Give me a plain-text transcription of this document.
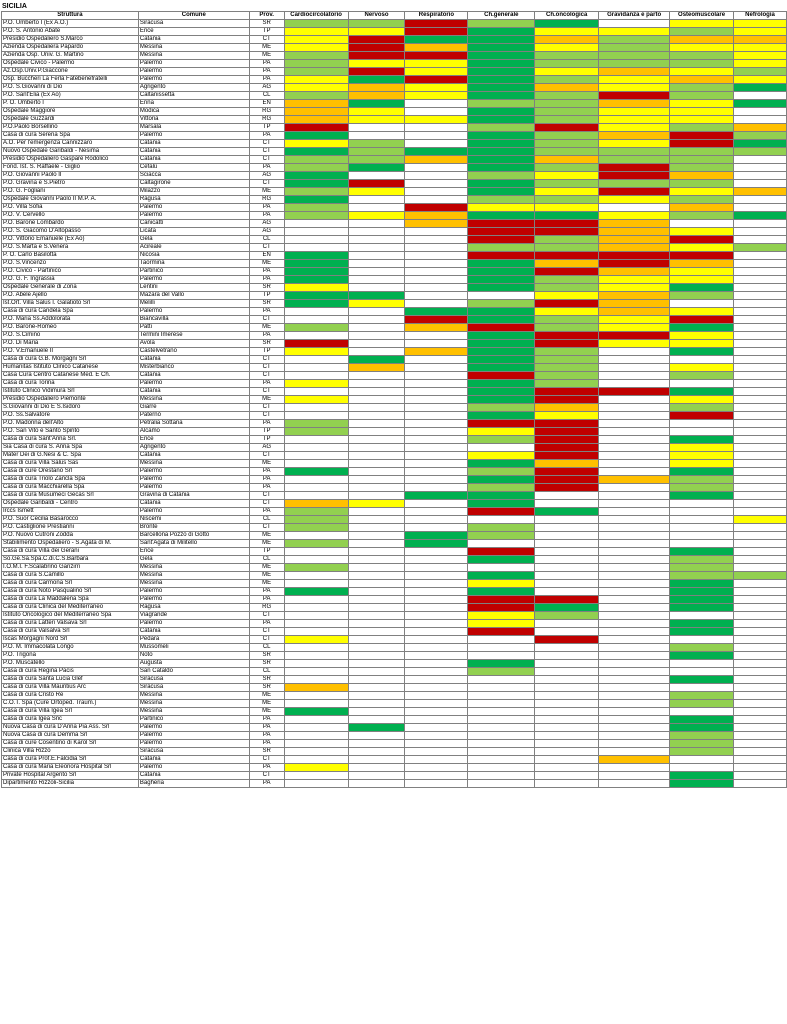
SICILIA
Struttura	Comune	Prov.	Cardiocircolatorio	Nervoso	Respiratorio	Ch.generale	Ch.oncologica	Gravidanza e parto	Osteomuscolare	Nefrologia
P.O. Umberto I (Ex A.O.)	Siracusa	SR								
P.O. S. Antonio Abate	Erice	TP								
Presidio Ospedaliero S.Marco	Catania	CT								
Azienda Ospedaliera Papardo	Messina	ME								
Azienda Osp. Univ. G. Martino	Messina	ME								
Ospedale Civico - Palermo	Palermo	PA								
Az.Osp.Univ.P.Giaccone	Palermo	PA								
Osp. Buccheri La Ferla Fatebenefratelli	Palermo	PA								
P.O. S.Giovanni di Dio	Agrigento	AG								
P.O. Sant'Elia (Ex Ao)	Caltanissetta	CL								
P. O. Umberto I	Enna	EN								
Ospedale Maggiore	Modica	RG								
Ospedale Guzzardi	Vittoria	RG								
P.O.Paolo Borsellino	Marsala	TP								
Casa di cura Serena Spa	Palermo	PA								
A.O. Per l'emergenza Cannizzaro	Catania	CT								
Nuovo Ospedale Garibaldi - Nesima	Catania	CT								
Presidio Ospedaliero Gaspare Rodolico	Catania	CT								
Fond. Ist. S. Raffaele - Giglio	Cefalù	PA								
P.O. Giovanni Paolo II	Sciacca	AG								
P.O. Gravina e S.Pietro	Caltagirone	CT								
P.O. G. Fogliani	Milazzo	ME								
Ospedale Giovanni Paolo II M.P. A.	Ragusa	RG								
P.O. Villa Sofia	Palermo	PA								
P.O. V. Cervello	Palermo	PA								
P.O. Barone Lombardo	Canicattì	AG								
P.O. S. Giacomo D'Altopasso	Licata	AG								
P.O. Vittorio Emanuele (Ex Ao)	Gela	CL								
P.O. S.Marta e S.Venera	Acireale	CT								
P. O. Carlo Basilotta	Nicosia	EN								
P.O. S.Vincenzo	Taormina	ME								
P.O. Civico - Partinico	Partinico	PA								
P.O. G. F. Ingrassia	Palermo	PA								
Ospedale Generale di Zona	Lentini	SR								
P.O. Abele Ajello	Mazara del Vallo	TP								
Ist.Ort. Villa Salus I. Galatioto Srl	Melilli	SR								
Casa di cura Candela Spa	Palermo	PA								
P.O. Maria Ss.Addolorata	Biancavilla	CT								
P.O. Barone-Romeo	Patti	ME								
P.O. S.Cimino	Termini Imerese	PA								
P.O. Di Maria	Avola	SR								
P.O. V.Emanuele II	Castelvetrano	TP								
Casa di cura G.B. Morgagni Srl	Catania	CT								
Humanitas Istituto Clinico Catanese	Misterbianco	CT								
Casa Cura Centro Catanese Med. E Ch.	Catania	CT								
Casa di cura Torina	Palermo	PA								
Istituto Clinico Vidimura Srl	Catania	CT								
Presidio Ospedaliero Piemonte	Messina	ME								
S.Giovanni di Dio E S.Isidoro	Giarre	CT								
P.O. Ss.Salvatore	Paternò	CT								
P.O. Madonna dell'Alto	Petralia Sottana	PA								
P.O. San Vito e Santo Spirito	Alcamo	TP								
Casa di cura Sant'Anna Srl.	Erice	TP								
Sia Casa di cura S. Anna Spa	Agrigento	AG								
Mater Dei di G.Nesi & C. Spa	Catania	CT								
Casa di cura Villa Salus Sas	Messina	ME								
Casa di cure Orestano Srl	Palermo	PA								
Casa di cura Triolo Zancla Spa	Palermo	PA								
Casa di cura Macchiarella Spa	Palermo	PA								
Casa di cura Musumeci Gecas Srl	Gravina di Catania	CT								
Ospedale Garibaldi - Centro	Catania	CT								
Irccs Ismett	Palermo	PA								
P.O. Suor Cecilia Basarocco	Niscemi	CL								
P.O. Castiglione Prestianni	Bronte	CT								
P.O. Nuovo Cutroni Zodda	Barcellona Pozzo di Gotto	ME								
Stabilimento Ospedaliero - S.Agata di M.	Sant'Agata di Militello	ME								
Casa di cura Villa dei Gerani	Erice	TP								
So.Ge.Sa.Spa.C.di.C.S.Barbara	Gela	CL								
I.O.M.I. F.Scalabrino Ganzirri	Messina	ME								
Casa di cura S.Camillo	Messina	ME								
Casa di cura Carmona Srl	Messina	ME								
Casa di cura Noto Pasqualino Srl	Palermo	PA								
Casa di cura La Maddalena Spa	Palermo	PA								
Casa di cura Clinica del Mediterraneo	Ragusa	RG								
Istituto Oncologico del Mediterraneo Spa	Viagrande	CT								
Casa di cura Latteri Valsava Srl	Palermo	PA								
Casa di cura Valsalva Srl	Catania	CT								
Iscas Morgagni Nord Srl	Pedara	CT								
P.O. M. Immacolata Longo	Mussomeli	CL								
P.O. Trigona	Noto	SR								
P.O. Muscatello	Augusta	SR								
Casa di cura Regina Pacis	San Cataldo	CL								
Casa di cura Santa Lucia Glef	Siracusa	SR								
Casa di cura Villa Mauritius Arc	Siracusa	SR								
Casa di cura Cristo Re	Messina	ME								
C.O.T. Spa (Cure Ortoped. Traum.)	Messina	ME								
Casa di cura Villa Igea Srl	Messina	ME								
Casa di cura Igea Snc	Partinico	PA								
Nuova Casa di cura D'Anna Pia Ass. Srl	Palermo	PA								
Nuova Casa di cura Demma Srl	Palermo	PA								
Casa di cure Cosentino di Karol Srl	Palermo	PA								
Clinica Villa Rizzo	Siracusa	SR								
Casa di cura Prof.E.Falcidia Srl	Catania	CT								
Casa di cura Maria Eleonora Hospital Srl	Palermo	PA								
Private Hospital Argento Srl	Catania	CT								
Dipartimento Rizzoli-Sicilia	Bagheria	PA								
